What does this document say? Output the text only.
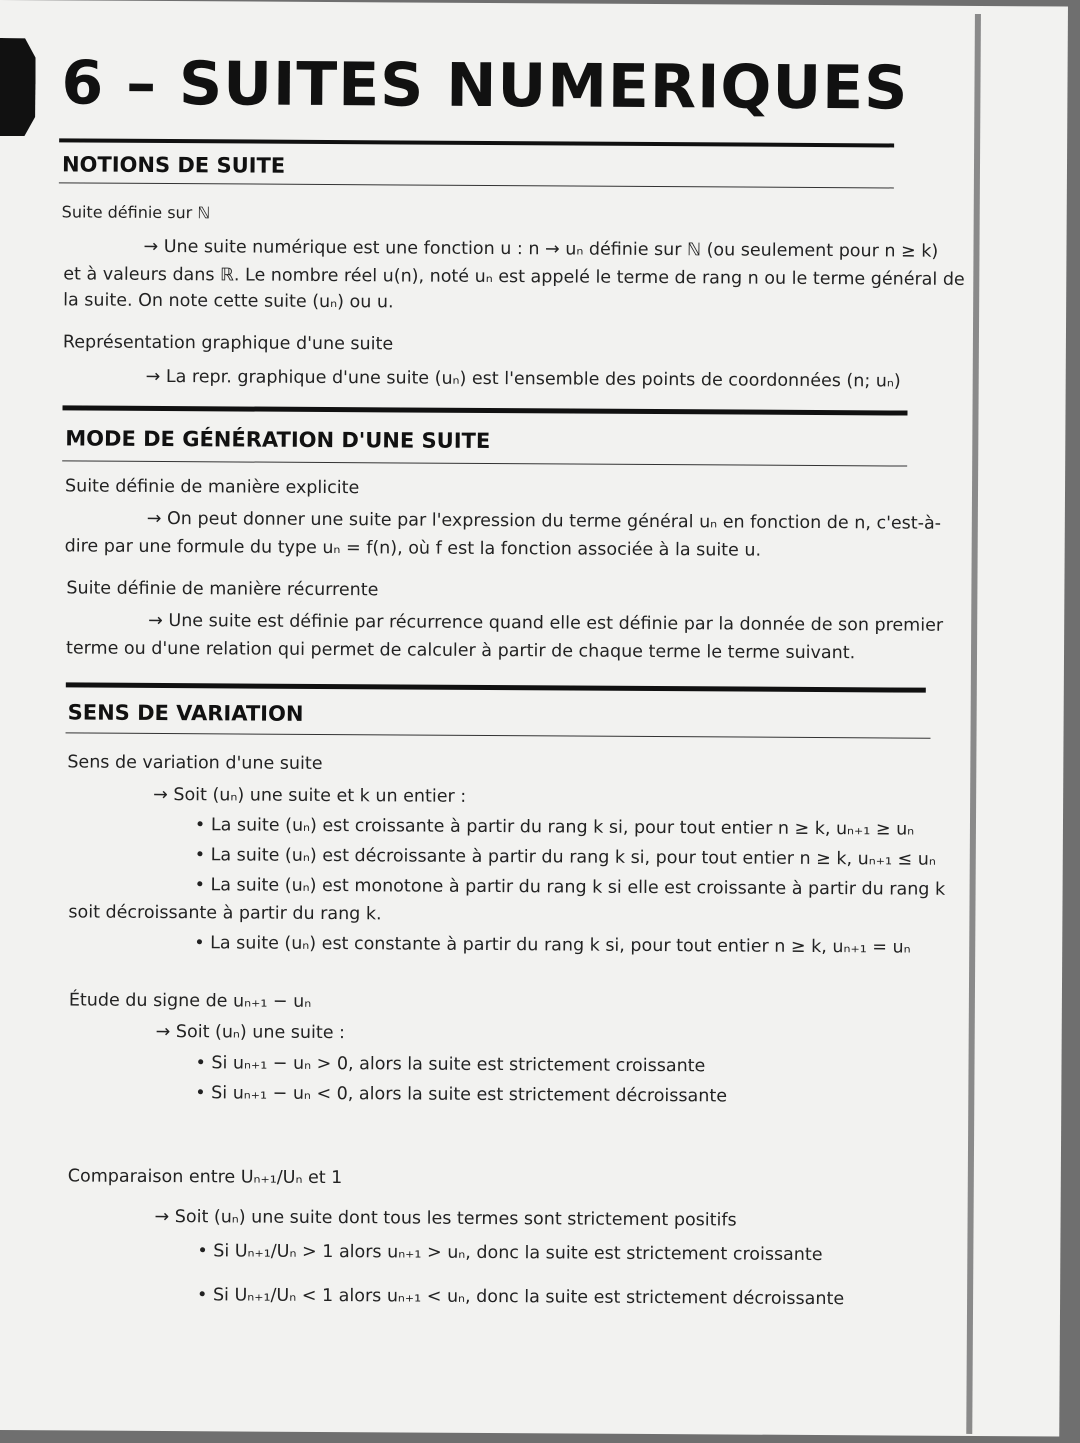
6 – SUITES NUMERIQUES
NOTIONS DE SUITE
Suite définie sur ℕ
→ Une suite numérique est une fonction u : n → uₙ définie sur ℕ (ou seulement pour n ≥ k)
et à valeurs dans ℝ. Le nombre réel u(n), noté uₙ est appelé le terme de rang n ou le terme général de
la suite. On note cette suite (uₙ) ou u.
Représentation graphique d'une suite
→ La repr. graphique d'une suite (uₙ) est l'ensemble des points de coordonnées (n; uₙ)
MODE DE GÉNÉRATION D'UNE SUITE
Suite définie de manière explicite
→ On peut donner une suite par l'expression du terme général uₙ en fonction de n, c'est-à-
dire par une formule du type uₙ = f(n), où f est la fonction associée à la suite u.
Suite définie de manière récurrente
→ Une suite est définie par récurrence quand elle est définie par la donnée de son premier
terme ou d'une relation qui permet de calculer à partir de chaque terme le terme suivant.
SENS DE VARIATION
Sens de variation d'une suite
→ Soit (uₙ) une suite et k un entier :
• La suite (uₙ) est croissante à partir du rang k si, pour tout entier n ≥ k, uₙ₊₁ ≥ uₙ
• La suite (uₙ) est décroissante à partir du rang k si, pour tout entier n ≥ k, uₙ₊₁ ≤ uₙ
• La suite (uₙ) est monotone à partir du rang k si elle est croissante à partir du rang k
soit décroissante à partir du rang k.
• La suite (uₙ) est constante à partir du rang k si, pour tout entier n ≥ k, uₙ₊₁ = uₙ
Étude du signe de uₙ₊₁ − uₙ
→ Soit (uₙ) une suite :
• Si uₙ₊₁ − uₙ > 0, alors la suite est strictement croissante
• Si uₙ₊₁ − uₙ < 0, alors la suite est strictement décroissante
Comparaison entre Uₙ₊₁/Uₙ et 1
→ Soit (uₙ) une suite dont tous les termes sont strictement positifs
• Si Uₙ₊₁/Uₙ > 1 alors uₙ₊₁ > uₙ, donc la suite est strictement croissante
• Si Uₙ₊₁/Uₙ < 1 alors uₙ₊₁ < uₙ, donc la suite est strictement décroissante
